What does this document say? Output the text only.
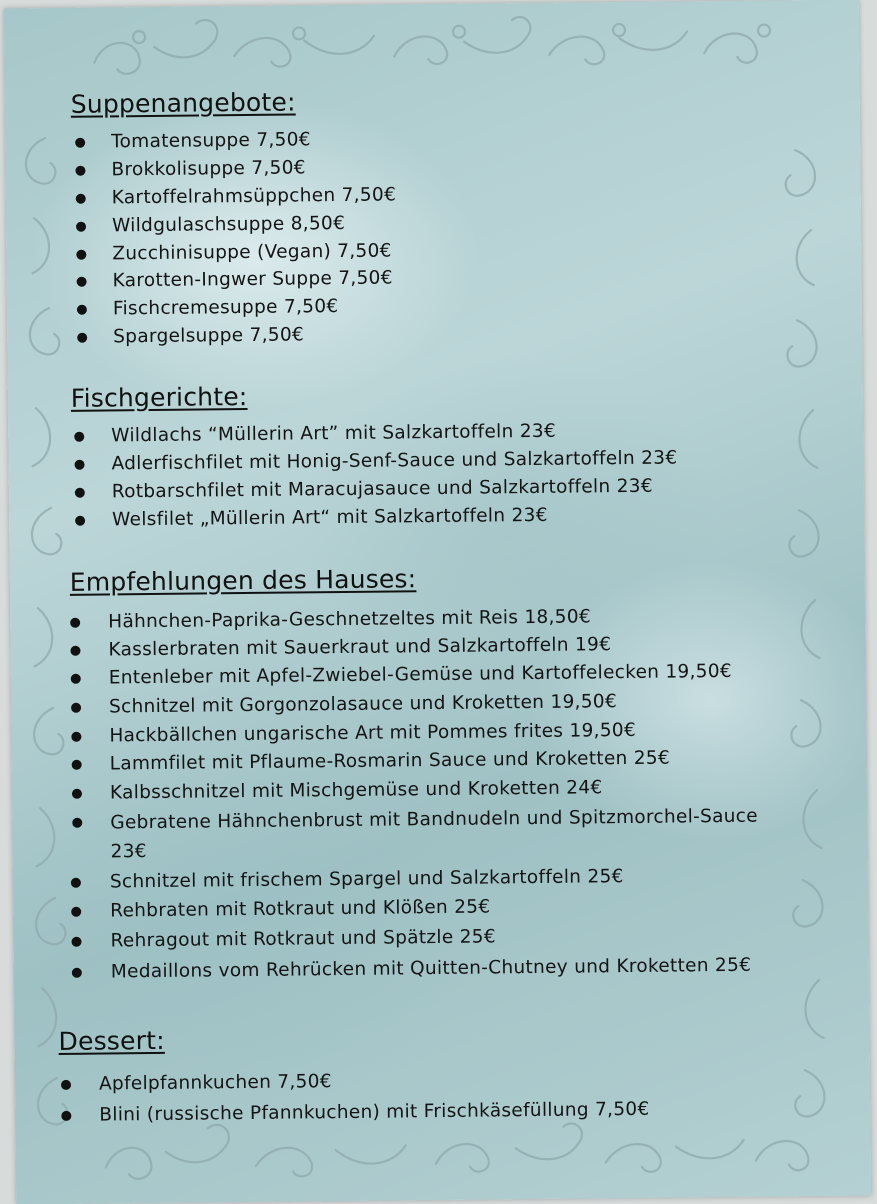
Suppenangebote:
Tomatensuppe 7,50€
Brokkolisuppe 7,50€
Kartoffelrahmsüppchen 7,50€
Wildgulaschsuppe 8,50€
Zucchinisuppe (Vegan) 7,50€
Karotten-Ingwer Suppe 7,50€
Fischcremesuppe 7,50€
Spargelsuppe 7,50€
Fischgerichte:
Wildlachs “Müllerin Art” mit Salzkartoffeln 23€
Adlerfischfilet mit Honig-Senf-Sauce und Salzkartoffeln 23€
Rotbarschfilet mit Maracujasauce und Salzkartoffeln 23€
Welsfilet „Müllerin Art“ mit Salzkartoffeln 23€
Empfehlungen des Hauses:
Hähnchen-Paprika-Geschnetzeltes mit Reis 18,50€
Kasslerbraten mit Sauerkraut und Salzkartoffeln 19€
Entenleber mit Apfel-Zwiebel-Gemüse und Kartoffelecken 19,50€
Schnitzel mit Gorgonzolasauce und Kroketten 19,50€
Hackbällchen ungarische Art mit Pommes frites 19,50€
Lammfilet mit Pflaume-Rosmarin Sauce und Kroketten 25€
Kalbsschnitzel mit Mischgemüse und Kroketten 24€
Gebratene Hähnchenbrust mit Bandnudeln und Spitzmorchel-Sauce 23€
Schnitzel mit frischem Spargel und Salzkartoffeln 25€
Rehbraten mit Rotkraut und Klößen 25€
Rehragout mit Rotkraut und Spätzle 25€
Medaillons vom Rehrücken mit Quitten-Chutney und Kroketten 25€
Dessert:
Apfelpfannkuchen 7,50€
Blini (russische Pfannkuchen) mit Frischkäsefüllung 7,50€
